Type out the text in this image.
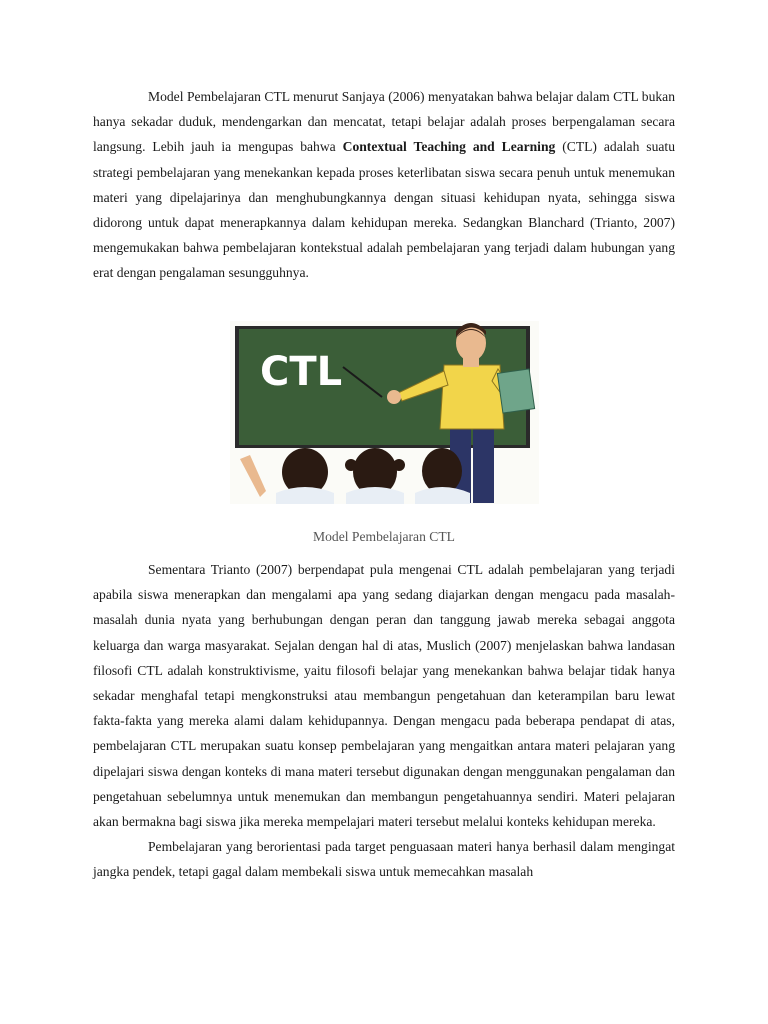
Model Pembelajaran CTL menurut Sanjaya (2006) menyatakan bahwa belajar dalam CTL bukan hanya sekadar duduk, mendengarkan dan mencatat, tetapi belajar adalah proses berpengalaman secara langsung. Lebih jauh ia mengupas bahwa Contextual Teaching and Learning (CTL) adalah suatu strategi pembelajaran yang menekankan kepada proses keterlibatan siswa secara penuh untuk menemukan materi yang dipelajarinya dan menghubungkannya dengan situasi kehidupan nyata, sehingga siswa didorong untuk dapat menerapkannya dalam kehidupan mereka. Sedangkan Blanchard (Trianto, 2007) mengemukakan bahwa pembelajaran kontekstual adalah pembelajaran yang terjadi dalam hubungan yang erat dengan pengalaman sesungguhnya.

CTL
Model Pembelajaran CTL

Sementara Trianto (2007) berpendapat pula mengenai CTL adalah pembelajaran yang terjadi apabila siswa menerapkan dan mengalami apa yang sedang diajarkan dengan mengacu pada masalah-masalah dunia nyata yang berhubungan dengan peran dan tanggung jawab mereka sebagai anggota keluarga dan warga masyarakat. Sejalan dengan hal di atas, Muslich (2007) menjelaskan bahwa landasan filosofi CTL adalah konstruktivisme, yaitu filosofi belajar yang menekankan bahwa belajar tidak hanya sekadar menghafal tetapi mengkonstruksi atau membangun pengetahuan dan keterampilan baru lewat fakta-fakta yang mereka alami dalam kehidupannya. Dengan mengacu pada beberapa pendapat di atas, pembelajaran CTL merupakan suatu konsep pembelajaran yang mengaitkan antara materi pelajaran yang dipelajari siswa dengan konteks di mana materi tersebut digunakan dengan menggunakan pengalaman dan pengetahuan sebelumnya untuk menemukan dan membangun pengetahuannya sendiri. Materi pelajaran akan bermakna bagi siswa jika mereka mempelajari materi tersebut melalui konteks kehidupan mereka.

Pembelajaran yang berorientasi pada target penguasaan materi hanya berhasil dalam mengingat jangka pendek, tetapi gagal dalam membekali siswa untuk memecahkan masalah
